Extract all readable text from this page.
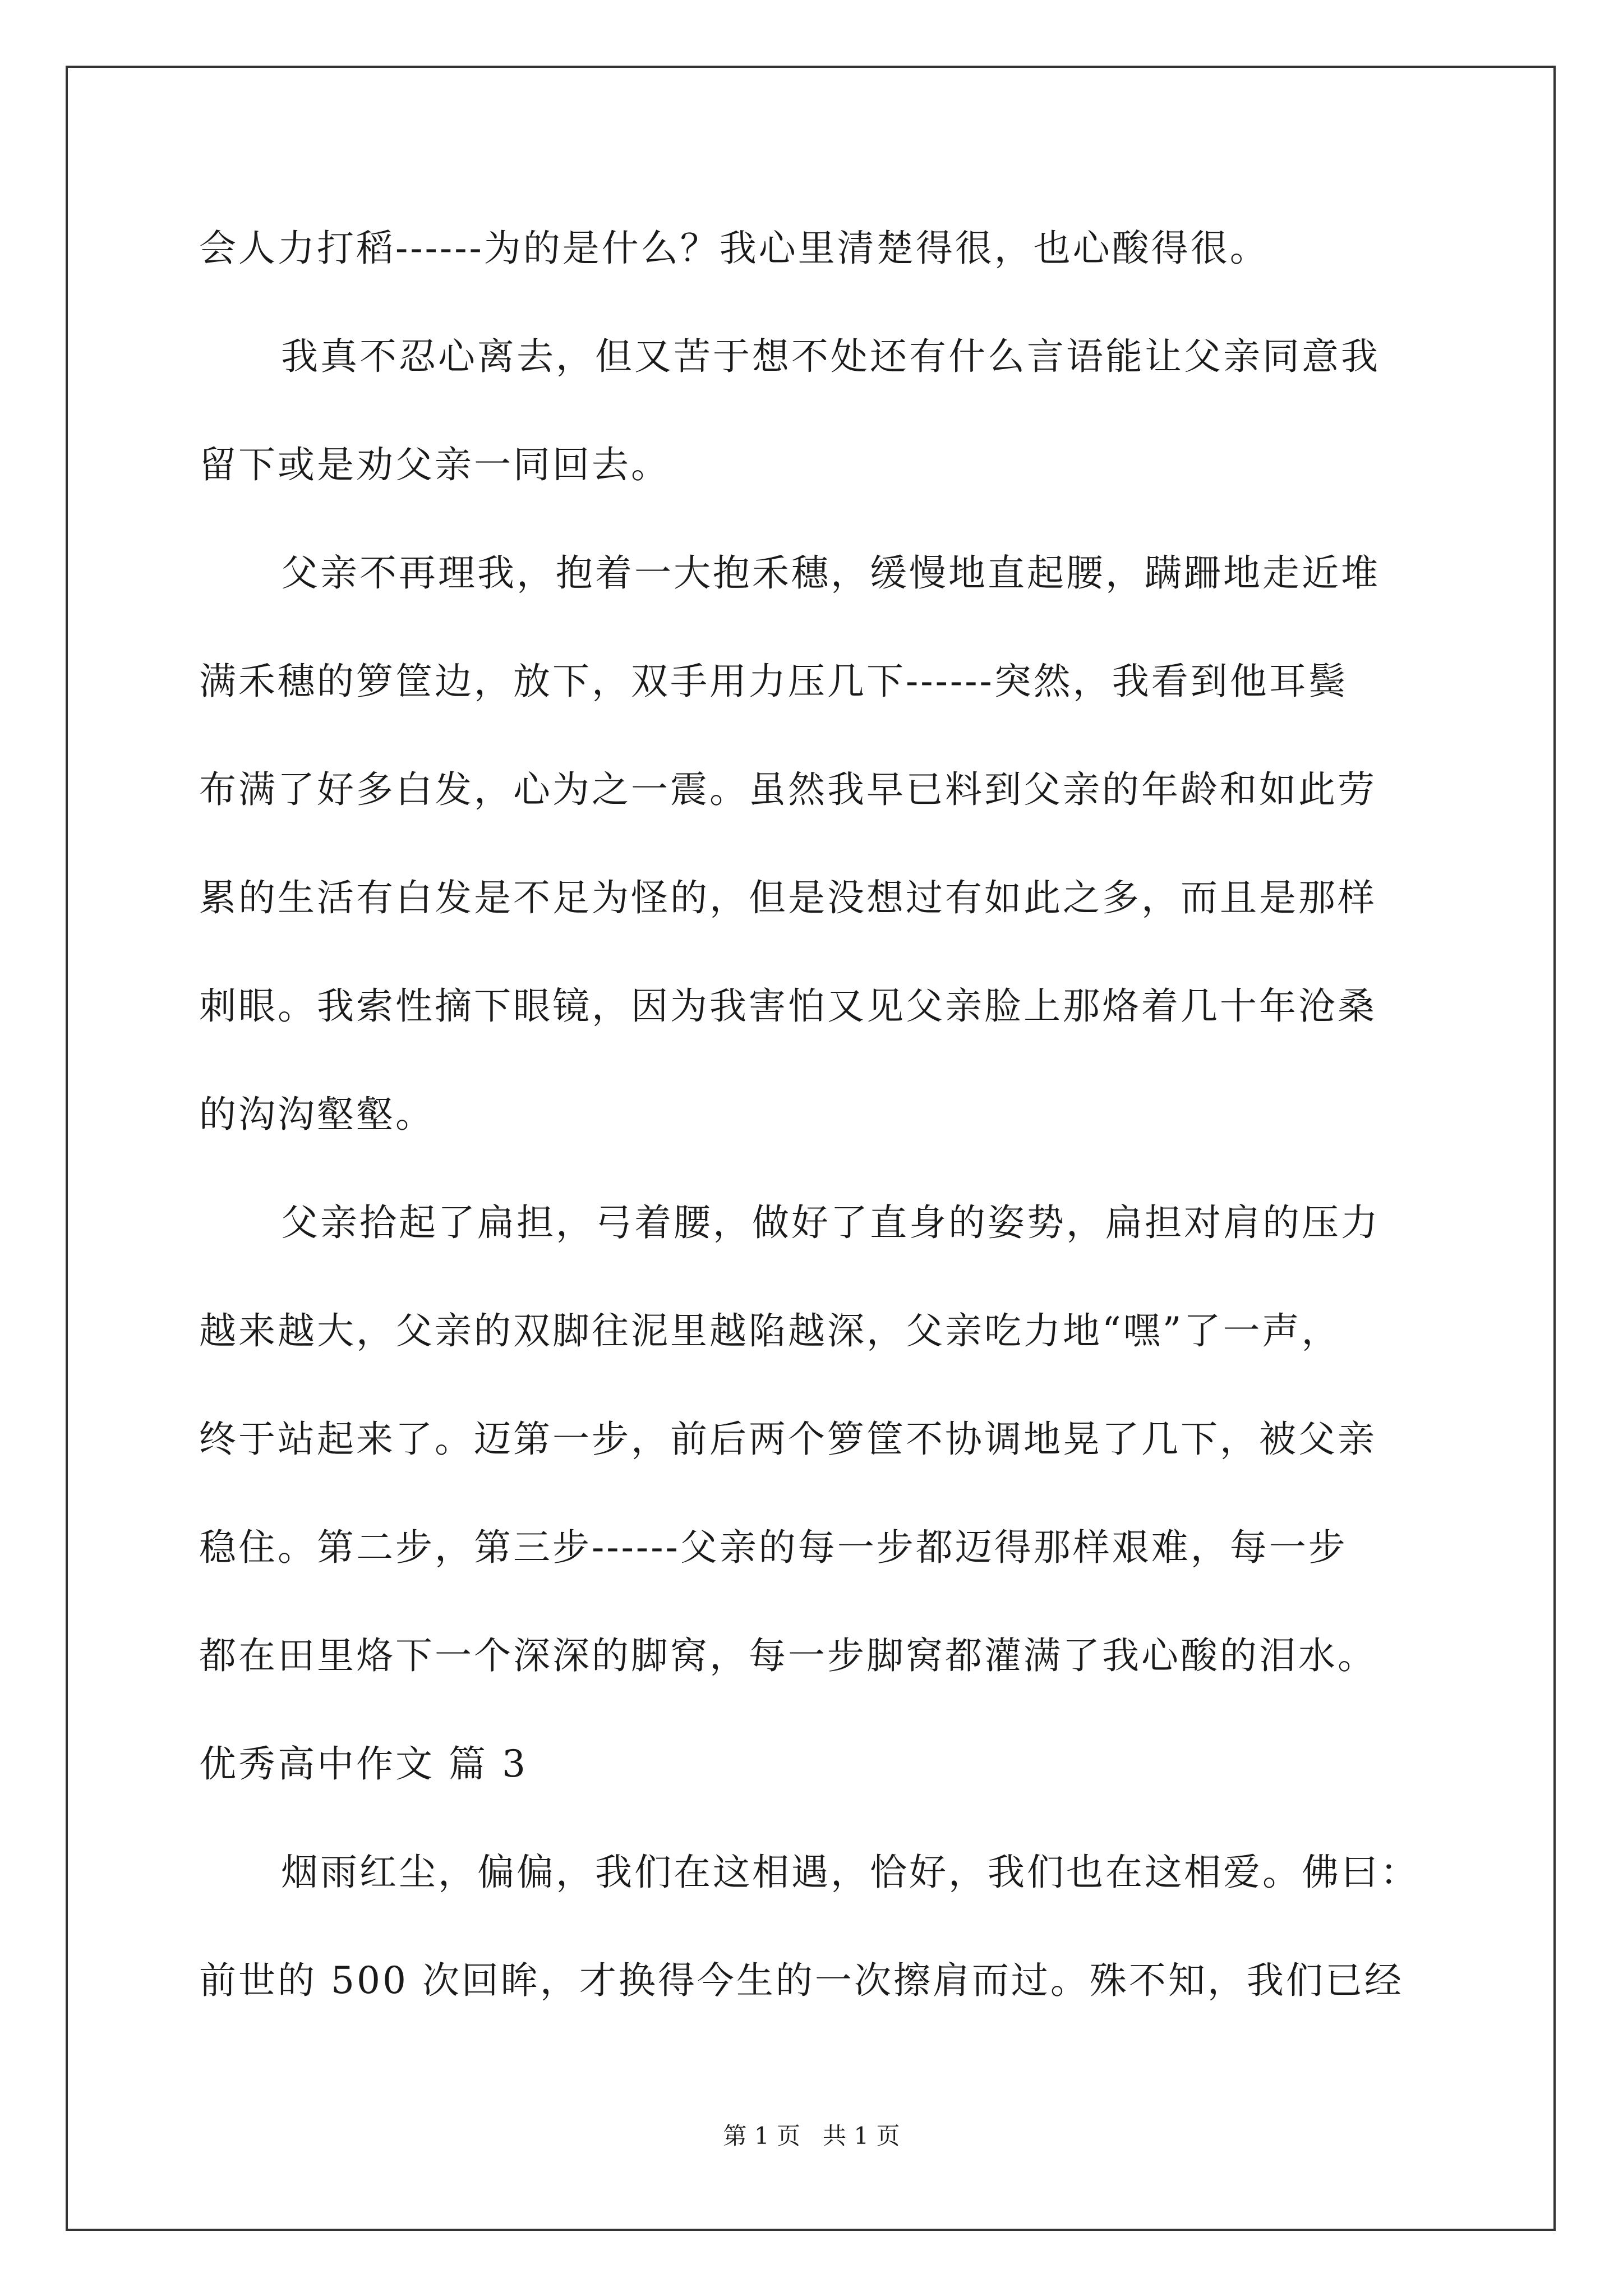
会人力打稻------为的是什么？我心里清楚得很，也心酸得很。
我真不忍心离去，但又苦于想不处还有什么言语能让父亲同意我
留下或是劝父亲一同回去。
父亲不再理我，抱着一大抱禾穗，缓慢地直起腰，蹒跚地走近堆
满禾穗的箩筐边，放下，双手用力压几下------突然，我看到他耳鬓
布满了好多白发，心为之一震。虽然我早已料到父亲的年龄和如此劳
累的生活有白发是不足为怪的，但是没想过有如此之多，而且是那样
刺眼。我索性摘下眼镜，因为我害怕又见父亲脸上那烙着几十年沧桑
的沟沟壑壑。
父亲拾起了扁担，弓着腰，做好了直身的姿势，扁担对肩的压力
越来越大，父亲的双脚往泥里越陷越深，父亲吃力地“嘿”了一声，
终于站起来了。迈第一步，前后两个箩筐不协调地晃了几下，被父亲
稳住。第二步，第三步------父亲的每一步都迈得那样艰难，每一步
都在田里烙下一个深深的脚窝，每一步脚窝都灌满了我心酸的泪水。
优秀高中作文 篇 3
烟雨红尘，偏偏，我们在这相遇，恰好，我们也在这相爱。佛曰：
前世的 500 次回眸，才换得今生的一次擦肩而过。殊不知，我们已经
第 1 页   共 1 页
